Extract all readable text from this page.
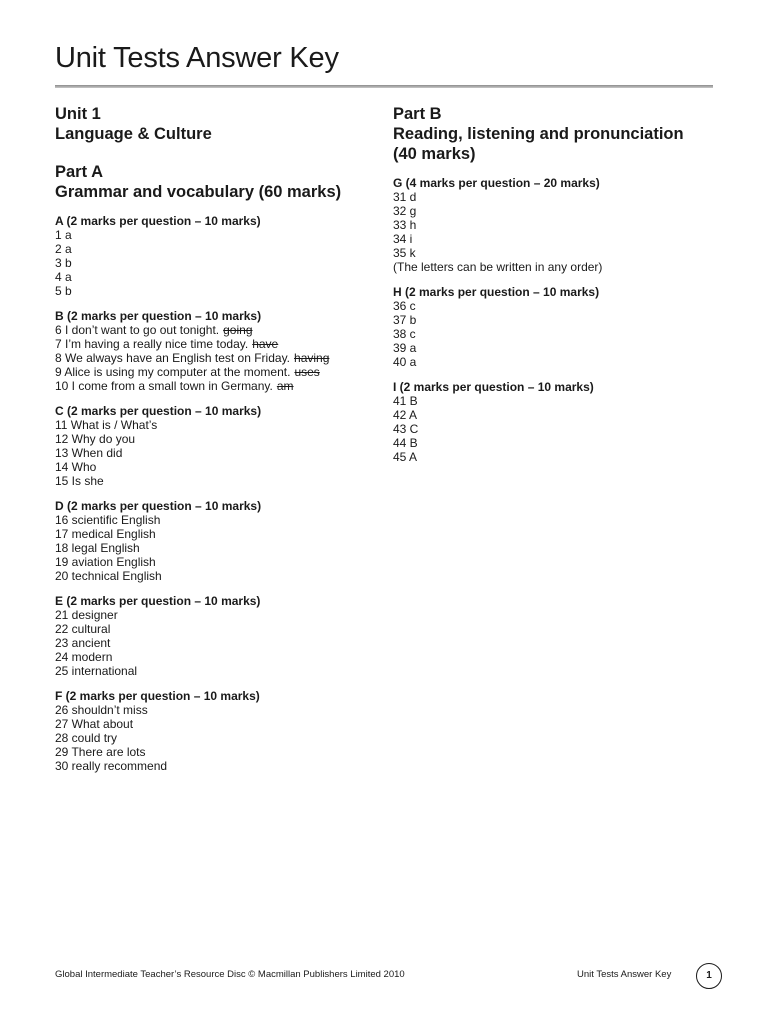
Unit Tests Answer Key
Unit 1
Language & Culture
Part A
Grammar and vocabulary (60 marks)
A (2 marks per question – 10 marks)
1 a
2 a
3 b
4 a
5 b
B (2 marks per question – 10 marks)
6 I don’t want to go out tonight. going
7 I’m having a really nice time today. have
8 We always have an English test on Friday. having
9 Alice is using my computer at the moment. uses
10 I come from a small town in Germany. am
C (2 marks per question – 10 marks)
11 What is / What’s
12 Why do you
13 When did
14 Who
15 Is she
D (2 marks per question – 10 marks)
16 scientific English
17 medical English
18 legal English
19 aviation English
20 technical English
E (2 marks per question – 10 marks)
21 designer
22 cultural
23 ancient
24 modern
25 international
F (2 marks per question – 10 marks)
26 shouldn’t miss
27 What about
28 could try
29 There are lots
30 really recommend
Part B
Reading, listening and pronunciation
(40 marks)
G (4 marks per question – 20 marks)
31 d
32 g
33 h
34 i
35 k
(The letters can be written in any order)
H (2 marks per question – 10 marks)
36 c
37 b
38 c
39 a
40 a
I (2 marks per question – 10 marks)
41 B
42 A
43 C
44 B
45 A
Global Intermediate Teacher’s Resource Disc © Macmillan Publishers Limited 2010	Unit Tests Answer Key	1
